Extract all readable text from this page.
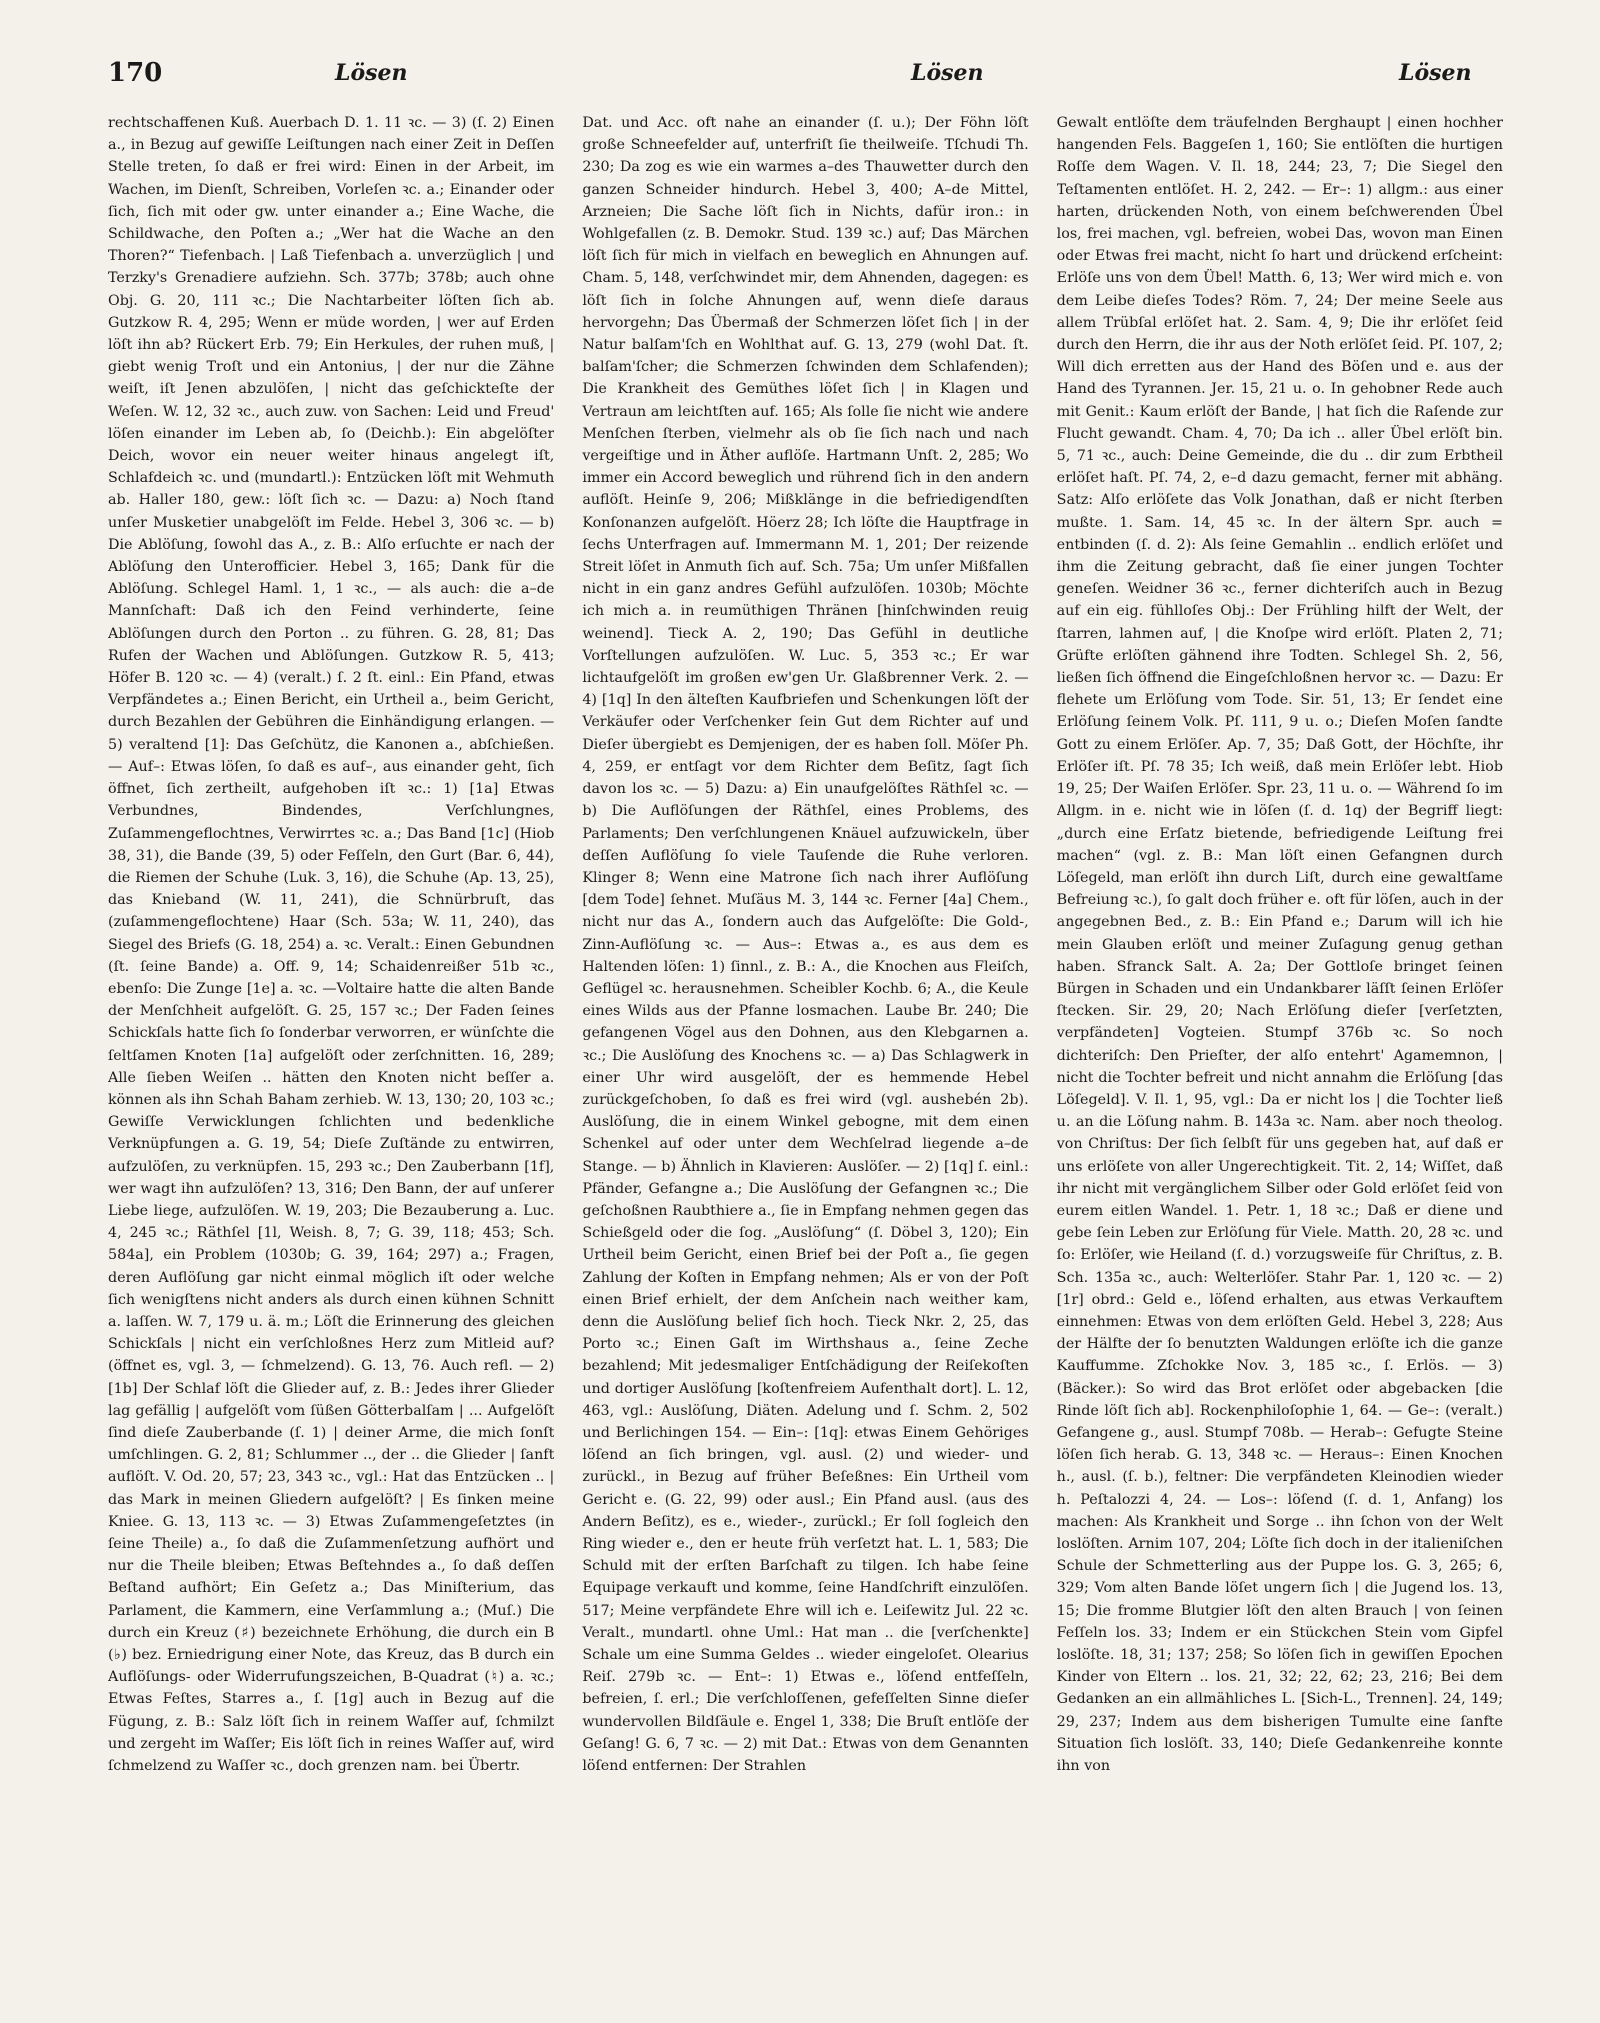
170	Lösen	Lösen	Lösen

rechtschaffenen Kuß. Auerbach D. 1. 11 ꝛc. — 3) (ſ. 2) Einen a., in Bezug auf gewiſſe Leiſtungen nach einer Zeit in Deſſen Stelle treten, ſo daß er frei wird: Einen in der Arbeit, im Wachen, im Dienſt, Schreiben, Vorleſen ꝛc. a.; Einander oder ſich, ſich mit oder gw. unter einander a.; Eine Wache, die Schildwache, den Poſten a.; „Wer hat die Wache an den Thoren?“ Tiefenbach. | Laß Tiefenbach a. unverzüglich | und Terzky's Grenadiere aufziehn. Sch. 377b; 378b; auch ohne Obj. G. 20, 111 ꝛc.; Die Nachtarbeiter löſten ſich ab. Gutzkow R. 4, 295; Wenn er müde worden, | wer auf Erden löſt ihn ab? Rückert Erb. 79; Ein Herkules, der ruhen muß, | giebt wenig Troſt und ein Antonius, | der nur die Zähne weiſt, iſt Jenen abzulöſen, | nicht das geſchickteſte der Weſen. W. 12, 32 ꝛc., auch zuw. von Sachen: Leid und Freud' löſen einander im Leben ab, ſo (Deichb.): Ein abgelöſter Deich, wovor ein neuer weiter hinaus angelegt iſt, Schlafdeich ꝛc. und (mundartl.): Entzücken löſt mit Wehmuth ab. Haller 180, gew.: löſt ſich ꝛc. — Dazu: a) Noch ſtand unſer Musketier unabgelöſt im Felde. Hebel 3, 306 ꝛc. — b) Die Ablöſung, ſowohl das A., z. B.: Alſo erſuchte er nach der Ablöſung den Unterofficier. Hebel 3, 165; Dank für die Ablöſung. Schlegel Haml. 1, 1 ꝛc., — als auch: die a–de Mannſchaft: Daß ich den Feind verhinderte, ſeine Ablöſungen durch den Porton .. zu führen. G. 28, 81; Das Rufen der Wachen und Ablöſungen. Gutzkow R. 5, 413; Höfer B. 120 ꝛc. — 4) (veralt.) ſ. 2 ſt. einl.: Ein Pfand, etwas Verpfändetes a.; Einen Bericht, ein Urtheil a., beim Gericht, durch Bezahlen der Gebühren die Einhändigung erlangen. — 5) veraltend [1]: Das Geſchütz, die Kanonen a., abſchießen. — Auf–: Etwas löſen, ſo daß es auf–, aus einander geht, ſich öffnet, ſich zertheilt, aufgehoben iſt ꝛc.: 1) [1a] Etwas Verbundnes, Bindendes, Verſchlungnes, Zuſammengeflochtnes, Verwirrtes ꝛc. a.; Das Band [1c] (Hiob 38, 31), die Bande (39, 5) oder Feſſeln, den Gurt (Bar. 6, 44), die Riemen der Schuhe (Luk. 3, 16), die Schuhe (Ap. 13, 25), das Knieband (W. 11, 241), die Schnürbruſt, das (zuſammengeflochtene) Haar (Sch. 53a; W. 11, 240), das Siegel des Briefs (G. 18, 254) a. ꝛc. Veralt.: Einen Gebundnen (ſt. ſeine Bande) a. Off. 9, 14; Schaidenreißer 51b ꝛc., ebenſo: Die Zunge [1e] a. ꝛc. —Voltaire hatte die alten Bande der Menſchheit aufgelöſt. G. 25, 157 ꝛc.; Der Faden ſeines Schickſals hatte ſich ſo ſonderbar verworren, er wünſchte die ſeltſamen Knoten [1a] aufgelöſt oder zerſchnitten. 16, 289; Alle ſieben Weiſen .. hätten den Knoten nicht beſſer a. können als ihn Schah Baham zerhieb. W. 13, 130; 20, 103 ꝛc.; Gewiſſe Verwicklungen ſchlichten und bedenkliche Verknüpfungen a. G. 19, 54; Dieſe Zuſtände zu entwirren, aufzulöſen, zu verknüpfen. 15, 293 ꝛc.; Den Zauberbann [1f], wer wagt ihn aufzulöſen? 13, 316; Den Bann, der auf unſerer Liebe liege, aufzulöſen. W. 19, 203; Die Bezauberung a. Luc. 4, 245 ꝛc.; Räthſel [1l, Weish. 8, 7; G. 39, 118; 453; Sch. 584a], ein Problem (1030b; G. 39, 164; 297) a.; Fragen, deren Auflöſung gar nicht einmal möglich iſt oder welche ſich wenigſtens nicht anders als durch einen kühnen Schnitt a. laſſen. W. 7, 179 u. ä. m.; Löſt die Erinnerung des gleichen Schickſals | nicht ein verſchloßnes Herz zum Mitleid auf? (öffnet es, vgl. 3, — ſchmelzend). G. 13, 76. Auch refl. — 2) [1b] Der Schlaf löſt die Glieder auf, z. B.: Jedes ihrer Glieder lag gefällig | aufgelöſt vom ſüßen Götterbalſam | ... Aufgelöſt ſind dieſe Zauberbande (ſ. 1) | deiner Arme, die mich ſonſt umſchlingen. G. 2, 81; Schlummer .., der .. die Glieder | ſanft auflöſt. V. Od. 20, 57; 23, 343 ꝛc., vgl.: Hat das Entzücken .. | das Mark in meinen Gliedern aufgelöſt? | Es ſinken meine Kniee. G. 13, 113 ꝛc. — 3) Etwas Zuſammengeſetztes (in ſeine Theile) a., ſo daß die Zuſammenſetzung aufhört und nur die Theile bleiben; Etwas Beſtehndes a., ſo daß deſſen Beſtand aufhört; Ein Geſetz a.; Das Miniſterium, das Parlament, die Kammern, eine Verſammlung a.; (Muſ.) Die durch ein Kreuz (♯) bezeichnete Erhöhung, die durch ein B (♭) bez. Erniedrigung einer Note, das Kreuz, das B durch ein Auflöſungs- oder Widerrufungszeichen, B-Quadrat (♮) a. ꝛc.; Etwas Feſtes, Starres a., ſ. [1g] auch in Bezug auf die Fügung, z. B.: Salz löſt ſich in reinem Waſſer auf, ſchmilzt und zergeht im Waſſer; Eis löſt ſich in reines Waſſer auf, wird ſchmelzend zu Waſſer ꝛc., doch grenzen nam. bei Übertr.

Dat. und Acc. oft nahe an einander (ſ. u.); Der Föhn löſt große Schneefelder auf, unterfriſt ſie theilweiſe. Tſchudi Th. 230; Da zog es wie ein warmes a–des Thauwetter durch den ganzen Schneider hindurch. Hebel 3, 400; A–de Mittel, Arzneien; Die Sache löſt ſich in Nichts, dafür iron.: in Wohlgefallen (z. B. Demokr. Stud. 139 ꝛc.) auf; Das Märchen löſt ſich für mich in vielfach en beweglich en Ahnungen auf. Cham. 5, 148, verſchwindet mir, dem Ahnenden, dagegen: es löſt ſich in ſolche Ahnungen auf, wenn dieſe daraus hervorgehn; Das Übermaß der Schmerzen löſet ſich | in der Natur balſam'ſch en Wohlthat auf. G. 13, 279 (wohl Dat. ſt. balſam'ſcher; die Schmerzen ſchwinden dem Schlafenden); Die Krankheit des Gemüthes löſet ſich | in Klagen und Vertraun am leichtſten auf. 165; Als ſolle ſie nicht wie andere Menſchen ſterben, vielmehr als ob ſie ſich nach und nach vergeiſtige und in Äther auflöſe. Hartmann Unſt. 2, 285; Wo immer ein Accord beweglich und rührend ſich in den andern auflöſt. Heinſe 9, 206; Mißklänge in die befriedigendſten Konſonanzen aufgelöſt. Höerz 28; Ich löſte die Hauptfrage in ſechs Unterfragen auf. Immermann M. 1, 201; Der reizende Streit löſet in Anmuth ſich auf. Sch. 75a; Um unſer Mißfallen nicht in ein ganz andres Gefühl aufzulöſen. 1030b; Möchte ich mich a. in reumüthigen Thränen [hinſchwinden reuig weinend]. Tieck A. 2, 190; Das Gefühl in deutliche Vorſtellungen aufzulöſen. W. Luc. 5, 353 ꝛc.; Er war lichtaufgelöſt im großen ew'gen Ur. Glaßbrenner Verk. 2. — 4) [1q] In den älteſten Kaufbriefen und Schenkungen löſt der Verkäufer oder Verſchenker ſein Gut dem Richter auf und Dieſer übergiebt es Demjenigen, der es haben ſoll. Möſer Ph. 4, 259, er entſagt vor dem Richter dem Beſitz, ſagt ſich davon los ꝛc. — 5) Dazu: a) Ein unaufgelöſtes Räthſel ꝛc. — b) Die Auflöſungen der Räthſel, eines Problems, des Parlaments; Den verſchlungenen Knäuel aufzuwickeln, über deſſen Auflöſung ſo viele Tauſende die Ruhe verloren. Klinger 8; Wenn eine Matrone ſich nach ihrer Auflöſung [dem Tode] ſehnet. Muſäus M. 3, 144 ꝛc. Ferner [4a] Chem., nicht nur das A., ſondern auch das Aufgelöſte: Die Gold-, Zinn-Auflöſung ꝛc. — Aus–: Etwas a., es aus dem es Haltenden löſen: 1) ſinnl., z. B.: A., die Knochen aus Fleiſch, Geflügel ꝛc. herausnehmen. Scheibler Kochb. 6; A., die Keule eines Wilds aus der Pfanne losmachen. Laube Br. 240; Die gefangenen Vögel aus den Dohnen, aus den Klebgarnen a. ꝛc.; Die Auslöſung des Knochens ꝛc. — a) Das Schlagwerk in einer Uhr wird ausgelöſt, der es hemmende Hebel zurückgeſchoben, ſo daß es frei wird (vgl. aushebén 2b). Auslöſung, die in einem Winkel gebogne, mit dem einen Schenkel auf oder unter dem Wechſelrad liegende a–de Stange. — b) Ähnlich in Klavieren: Auslöſer. — 2) [1q] ſ. einl.: Pfänder, Gefangne a.; Die Auslöſung der Gefangnen ꝛc.; Die geſchoßnen Raubthiere a., ſie in Empfang nehmen gegen das Schießgeld oder die ſog. „Auslöſung“ (ſ. Döbel 3, 120); Ein Urtheil beim Gericht, einen Brief bei der Poſt a., ſie gegen Zahlung der Koſten in Empfang nehmen; Als er von der Poſt einen Brief erhielt, der dem Anſchein nach weither kam, denn die Auslöſung belief ſich hoch. Tieck Nkr. 2, 25, das Porto ꝛc.; Einen Gaſt im Wirthshaus a., ſeine Zeche bezahlend; Mit jedesmaliger Entſchädigung der Reiſekoſten und dortiger Auslöſung [koſtenfreiem Aufenthalt dort]. L. 12, 463, vgl.: Auslöſung, Diäten. Adelung und ſ. Schm. 2, 502 und Berlichingen 154. — Ein–: [1q]: etwas Einem Gehöriges löſend an ſich bringen, vgl. ausl. (2) und wieder- und zurückl., in Bezug auf früher Beſeßnes: Ein Urtheil vom Gericht e. (G. 22, 99) oder ausl.; Ein Pfand ausl. (aus des Andern Beſitz), es e., wieder-, zurückl.; Er ſoll ſogleich den Ring wieder e., den er heute früh verſetzt hat. L. 1, 583; Die Schuld mit der erſten Barſchaft zu tilgen. Ich habe ſeine Equipage verkauft und komme, ſeine Handſchrift einzulöſen. 517; Meine verpfändete Ehre will ich e. Leiſewitz Jul. 22 ꝛc. Veralt., mundartl. ohne Uml.: Hat man .. die [verſchenkte] Schale um eine Summa Geldes .. wieder eingeloſet. Olearius Reiſ. 279b ꝛc. — Ent–: 1) Etwas e., löſend entfeſſeln, befreien, ſ. erl.; Die verſchloſſenen, gefeſſelten Sinne dieſer wundervollen Bildſäule e. Engel 1, 338; Die Bruſt entlöſe der Geſang! G. 6, 7 ꝛc. — 2) mit Dat.: Etwas von dem Genannten löſend entfernen: Der Strahlen

Gewalt entlöſte dem träufelnden Berghaupt | einen hochher hangenden Fels. Baggeſen 1, 160; Sie entlöſten die hurtigen Roſſe dem Wagen. V. Il. 18, 244; 23, 7; Die Siegel den Teſtamenten entlöſet. H. 2, 242. — Er–: 1) allgm.: aus einer harten, drückenden Noth, von einem beſchwerenden Übel los, frei machen, vgl. befreien, wobei Das, wovon man Einen oder Etwas frei macht, nicht ſo hart und drückend erſcheint: Erlöſe uns von dem Übel! Matth. 6, 13; Wer wird mich e. von dem Leibe dieſes Todes? Röm. 7, 24; Der meine Seele aus allem Trübſal erlöſet hat. 2. Sam. 4, 9; Die ihr erlöſet ſeid durch den Herrn, die ihr aus der Noth erlöſet ſeid. Pſ. 107, 2; Will dich erretten aus der Hand des Böſen und e. aus der Hand des Tyrannen. Jer. 15, 21 u. o. In gehobner Rede auch mit Genit.: Kaum erlöſt der Bande, | hat ſich die Raſende zur Flucht gewandt. Cham. 4, 70; Da ich .. aller Übel erlöſt bin. 5, 71 ꝛc., auch: Deine Gemeinde, die du .. dir zum Erbtheil erlöſet haſt. Pſ. 74, 2, e–d dazu gemacht, ferner mit abhäng. Satz: Alſo erlöſete das Volk Jonathan, daß er nicht ſterben mußte. 1. Sam. 14, 45 ꝛc. In der ältern Spr. auch = entbinden (ſ. d. 2): Als ſeine Gemahlin .. endlich erlöſet und ihm die Zeitung gebracht, daß ſie einer jungen Tochter geneſen. Weidner 36 ꝛc., ferner dichteriſch auch in Bezug auf ein eig. fühlloſes Obj.: Der Frühling hilft der Welt, der ſtarren, lahmen auf, | die Knoſpe wird erlöſt. Platen 2, 71; Grüfte erlöſten gähnend ihre Todten. Schlegel Sh. 2, 56, ließen ſich öffnend die Eingeſchloßnen hervor ꝛc. — Dazu: Er flehete um Erlöſung vom Tode. Sir. 51, 13; Er ſendet eine Erlöſung ſeinem Volk. Pſ. 111, 9 u. o.; Dieſen Moſen ſandte Gott zu einem Erlöſer. Ap. 7, 35; Daß Gott, der Höchſte, ihr Erlöſer iſt. Pſ. 78 35; Ich weiß, daß mein Erlöſer lebt. Hiob 19, 25; Der Waiſen Erlöſer. Spr. 23, 11 u. o. — Während ſo im Allgm. in e. nicht wie in löſen (ſ. d. 1q) der Begriff liegt: „durch eine Erſatz bietende, befriedigende Leiſtung frei machen“ (vgl. z. B.: Man löſt einen Gefangnen durch Löſegeld, man erlöſt ihn durch Liſt, durch eine gewaltſame Befreiung ꝛc.), ſo galt doch früher e. oft für löſen, auch in der angegebnen Bed., z. B.: Ein Pfand e.; Darum will ich hie mein Glauben erlöſt und meiner Zuſagung genug gethan haben. Sfranck Salt. A. 2a; Der Gottloſe bringet ſeinen Bürgen in Schaden und ein Undankbarer läſſt ſeinen Erlöſer ſtecken. Sir. 29, 20; Nach Erlöſung dieſer [verſetzten, verpfändeten] Vogteien. Stumpf 376b ꝛc. So noch dichteriſch: Den Prieſter, der alſo entehrt' Agamemnon, | nicht die Tochter befreit und nicht annahm die Erlöſung [das Löſegeld]. V. Il. 1, 95, vgl.: Da er nicht los | die Tochter ließ u. an die Löſung nahm. B. 143a ꝛc. Nam. aber noch theolog. von Chriſtus: Der ſich ſelbſt für uns gegeben hat, auf daß er uns erlöſete von aller Ungerechtigkeit. Tit. 2, 14; Wiſſet, daß ihr nicht mit vergänglichem Silber oder Gold erlöſet ſeid von eurem eitlen Wandel. 1. Petr. 1, 18 ꝛc.; Daß er diene und gebe ſein Leben zur Erlöſung für Viele. Matth. 20, 28 ꝛc. und ſo: Erlöſer, wie Heiland (ſ. d.) vorzugsweiſe für Chriſtus, z. B. Sch. 135a ꝛc., auch: Welterlöſer. Stahr Par. 1, 120 ꝛc. — 2) [1r] obrd.: Geld e., löſend erhalten, aus etwas Verkauftem einnehmen: Etwas von dem erlöſten Geld. Hebel 3, 228; Aus der Hälfte der ſo benutzten Waldungen erlöſte ich die ganze Kauffumme. Zſchokke Nov. 3, 185 ꝛc., ſ. Erlös. — 3) (Bäcker.): So wird das Brot erlöſet oder abgebacken [die Rinde löſt ſich ab]. Rockenphiloſophie 1, 64. — Ge–: (veralt.) Gefangene g., ausl. Stumpf 708b. — Herab–: Gefugte Steine löſen ſich herab. G. 13, 348 ꝛc. — Heraus–: Einen Knochen h., ausl. (ſ. b.), feltner: Die verpfändeten Kleinodien wieder h. Peſtalozzi 4, 24. — Los–: löſend (ſ. d. 1, Anfang) los machen: Als Krankheit und Sorge .. ihn ſchon von der Welt loslöſten. Arnim 107, 204; Löſte ſich doch in der italieniſchen Schule der Schmetterling aus der Puppe los. G. 3, 265; 6, 329; Vom alten Bande löſet ungern ſich | die Jugend los. 13, 15; Die fromme Blutgier löſt den alten Brauch | von ſeinen Feſſeln los. 33; Indem er ein Stückchen Stein vom Gipfel loslöſte. 18, 31; 137; 258; So löſen ſich in gewiſſen Epochen Kinder von Eltern .. los. 21, 32; 22, 62; 23, 216; Bei dem Gedanken an ein allmähliches L. [Sich-L., Trennen]. 24, 149; 29, 237; Indem aus dem bisherigen Tumulte eine ſanfte Situation ſich loslöſt. 33, 140; Dieſe Gedankenreihe konnte ihn von
